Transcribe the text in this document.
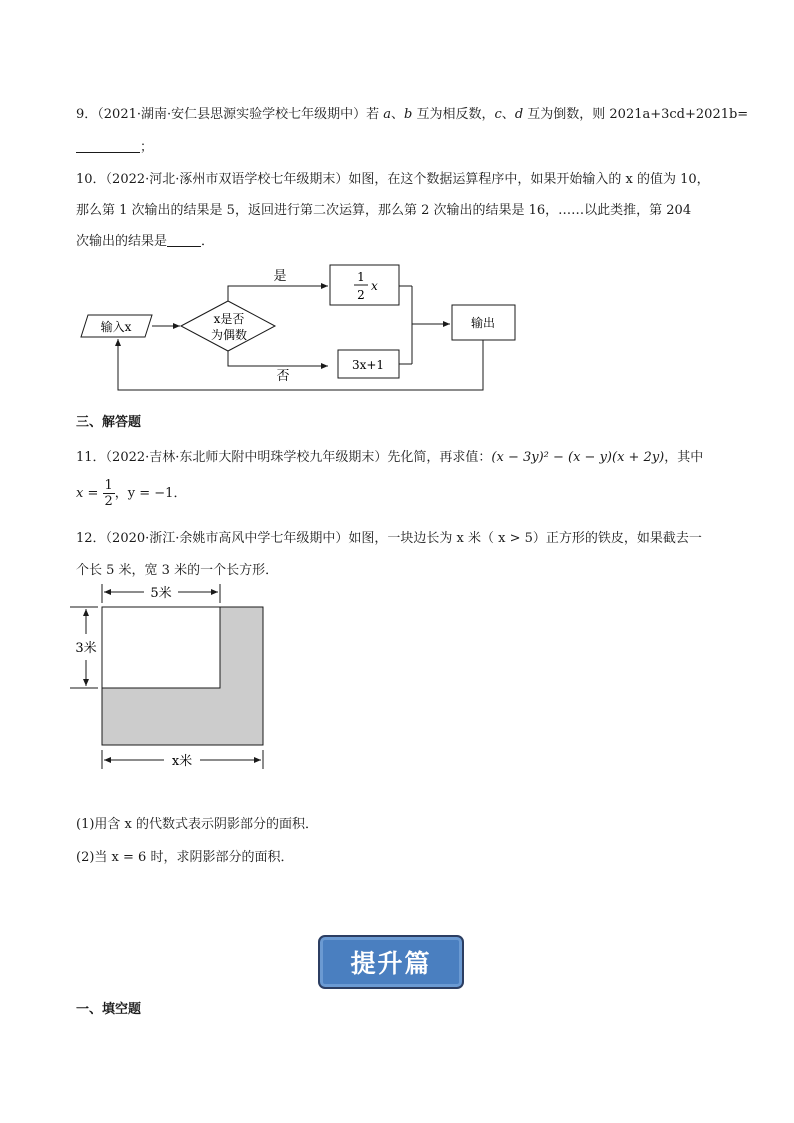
9．（2021·湖南·安仁县思源实验学校七年级期中）若 a、b 互为相反数，c、d 互为倒数，则 2021a+3cd+2021b=
；
10．（2022·河北·涿州市双语学校七年级期末）如图，在这个数据运算程序中，如果开始输入的 x 的值为 10，
那么第 1 次输出的结果是 5，返回进行第二次运算，那么第 2 次输出的结果是 16，……以此类推，第 204
次输出的结果是	．
输入x
x是否
为偶数
是
否
1
2
x
3x+1
输出
三、解答题
11．（2022·吉林·东北师大附中明珠学校九年级期末）先化简，再求值：(x − 3y)² − (x − y)(x + 2y)，其中
$x = \frac{1}{2}$ ，y = −1．
12．（2020·浙江·余姚市高风中学七年级期中）如图，一块边长为 x 米（ x > 5）正方形的铁皮，如果截去一
个长 5 米，宽 3 米的一个长方形．
5米
3米
x米
(1)用含 x 的代数式表示阴影部分的面积．
(2)当 x = 6 时，求阴影部分的面积．
提升篇
一、填空题
